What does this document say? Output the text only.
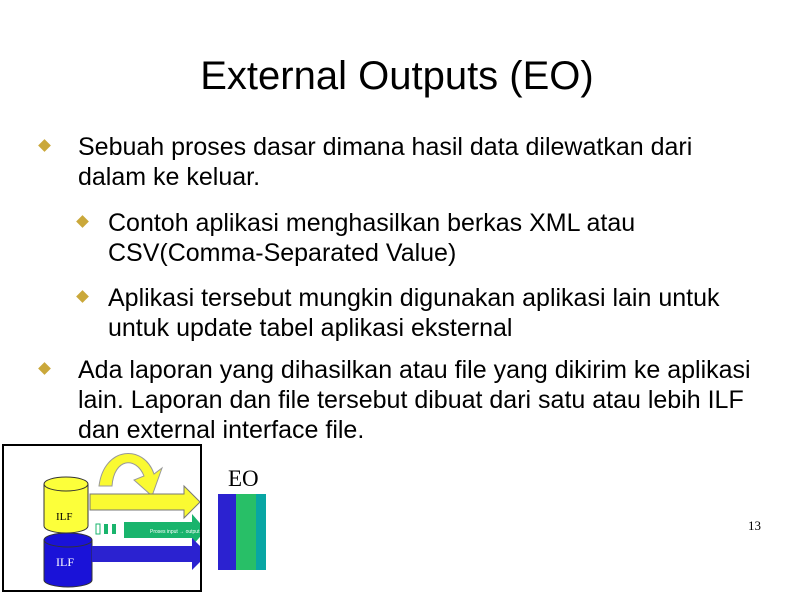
External Outputs (EO)
Sebuah proses dasar dimana hasil data dilewatkan dari dalam ke keluar.
Contoh aplikasi menghasilkan berkas XML atau CSV(Comma-Separated Value)
Aplikasi tersebut mungkin digunakan aplikasi lain untuk untuk update tabel aplikasi eksternal
Ada laporan yang dihasilkan atau file yang dikirim ke aplikasi lain. Laporan dan file tersebut dibuat dari satu atau lebih ILF dan external interface file.
ILF
ILF
Proses input → output
EO
13
